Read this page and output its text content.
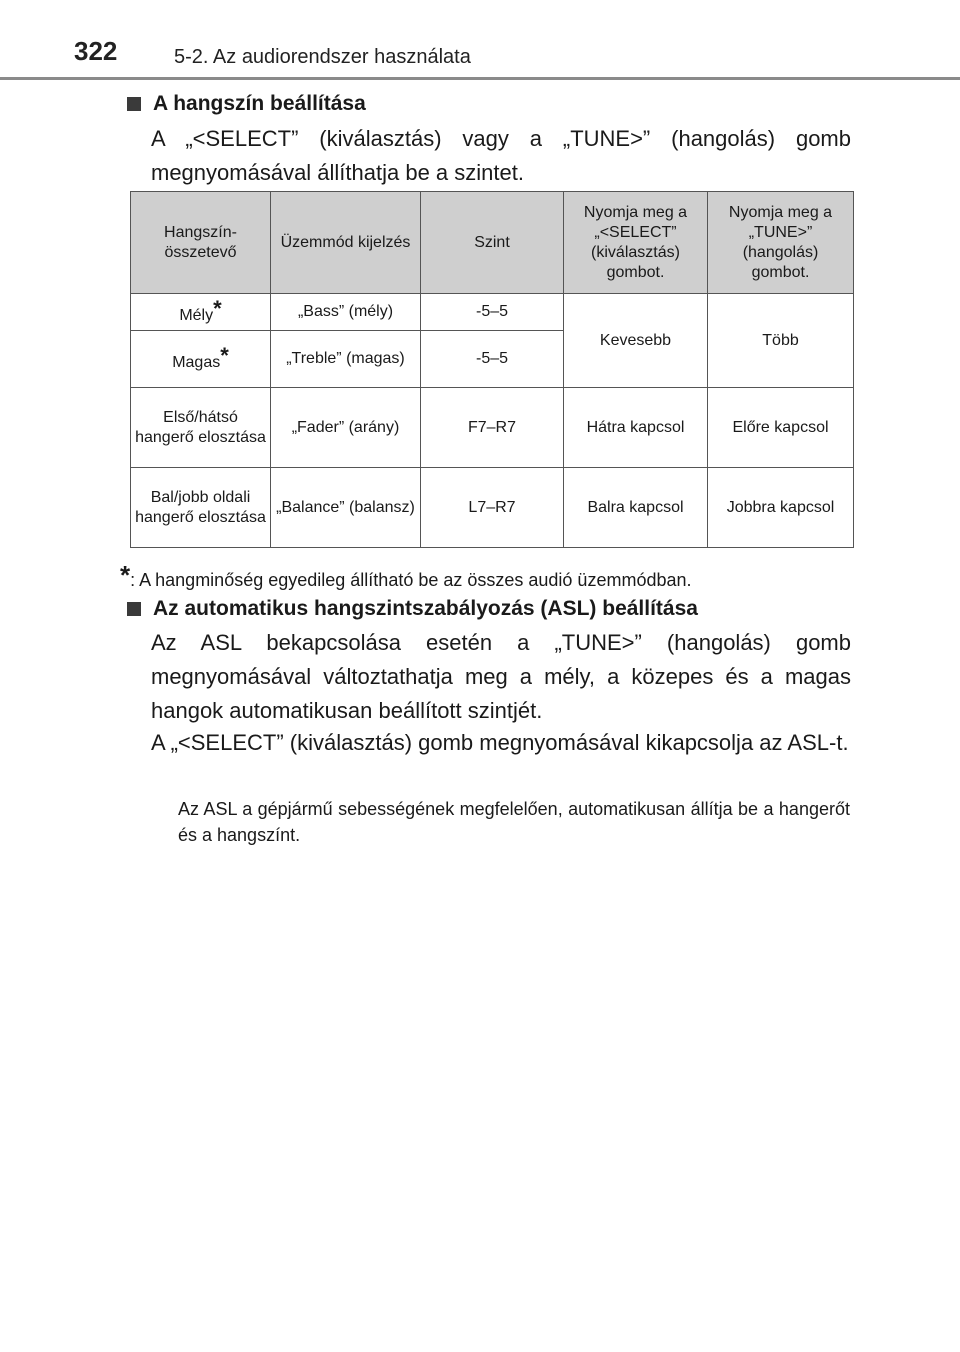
322	5-2. Az audiorendszer használata
A hangszín beállítása
A „<SELECT” (kiválasztás) vagy a „TUNE>” (hangolás) gomb megnyomásával állíthatja be a szintet.
Hangszín-összetevő	Üzemmód kijelzés	Szint	Nyomja meg a „<SELECT” (kiválasztás) gombot.	Nyomja meg a „TUNE>” (hangolás) gombot.
Mély*	„Bass” (mély)	-5–5	Kevesebb	Több
Magas*	„Treble” (magas)	-5–5		
Első/hátsó hangerő elosztása	„Fader” (arány)	F7–R7	Hátra kapcsol	Előre kapcsol
Bal/jobb oldali hangerő elosztása	„Balance” (balansz)	L7–R7	Balra kapcsol	Jobbra kapcsol
*: A hangminőség egyedileg állítható be az összes audió üzemmódban.
Az automatikus hangszintszabályozás (ASL) beállítása
Az ASL bekapcsolása esetén a „TUNE>” (hangolás) gomb megnyomásával változtathatja meg a mély, a közepes és a magas hangok automatikusan beállított szintjét.
A „<SELECT” (kiválasztás) gomb megnyomásával kikapcsolja az ASL-t.
Az ASL a gépjármű sebességének megfelelően, automatikusan állítja be a hangerőt és a hangszínt.
